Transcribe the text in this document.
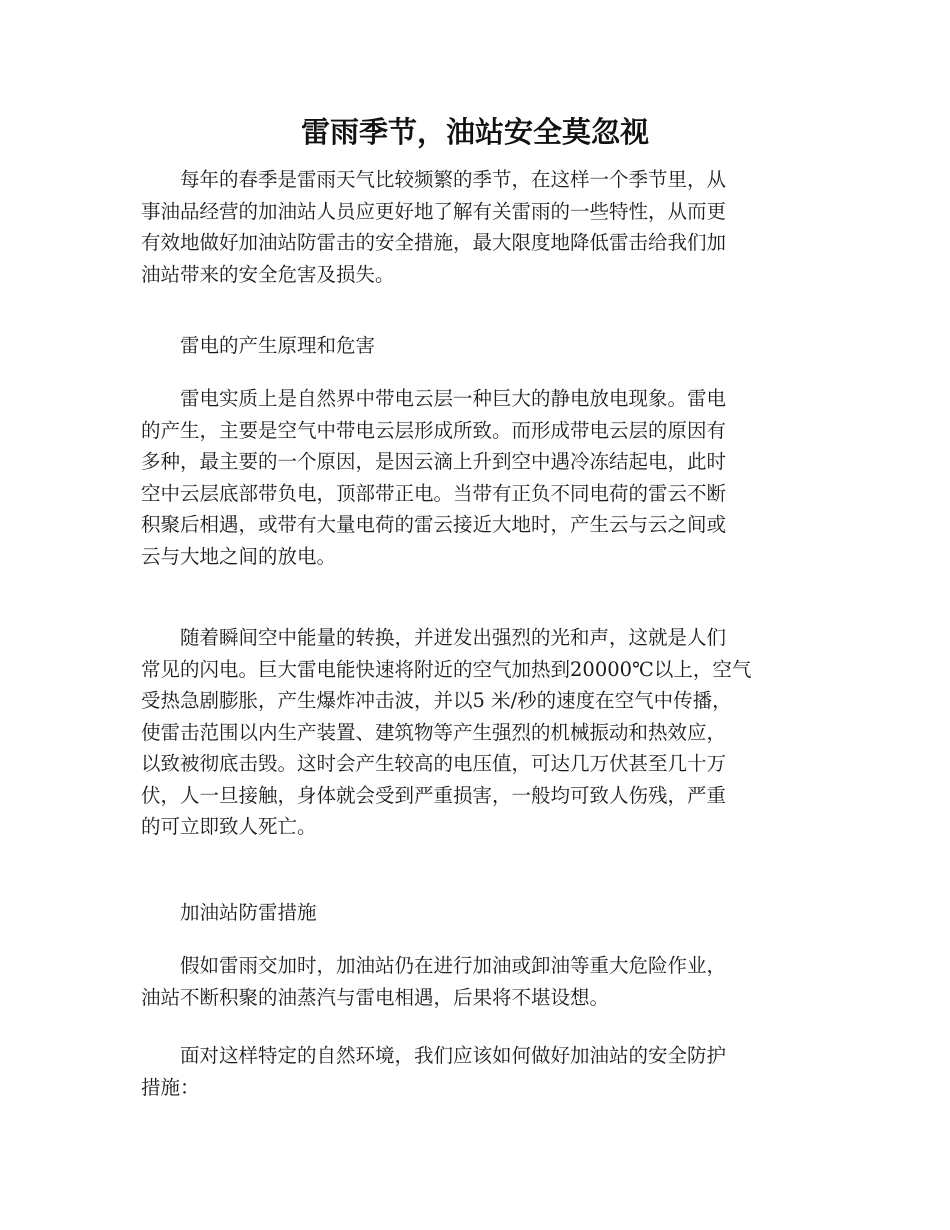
雷雨季节，油站安全莫忽视
每年的春季是雷雨天气比较频繁的季节，在这样一个季节里，从
事油品经营的加油站人员应更好地了解有关雷雨的一些特性，从而更
有效地做好加油站防雷击的安全措施，最大限度地降低雷击给我们加
油站带来的安全危害及损失。
雷电的产生原理和危害
雷电实质上是自然界中带电云层一种巨大的静电放电现象。雷电
的产生，主要是空气中带电云层形成所致。而形成带电云层的原因有
多种，最主要的一个原因，是因云滴上升到空中遇冷冻结起电，此时
空中云层底部带负电，顶部带正电。当带有正负不同电荷的雷云不断
积聚后相遇，或带有大量电荷的雷云接近大地时，产生云与云之间或
云与大地之间的放电。
随着瞬间空中能量的转换，并迸发出强烈的光和声，这就是人们
常见的闪电。巨大雷电能快速将附近的空气加热到20000℃以上，空气
受热急剧膨胀，产生爆炸冲击波，并以5 米/秒的速度在空气中传播，
使雷击范围以内生产装置、建筑物等产生强烈的机械振动和热效应，
以致被彻底击毁。这时会产生较高的电压值，可达几万伏甚至几十万
伏，人一旦接触，身体就会受到严重损害，一般均可致人伤残，严重
的可立即致人死亡。
加油站防雷措施
假如雷雨交加时，加油站仍在进行加油或卸油等重大危险作业，
油站不断积聚的油蒸汽与雷电相遇，后果将不堪设想。
面对这样特定的自然环境，我们应该如何做好加油站的安全防护
措施：
